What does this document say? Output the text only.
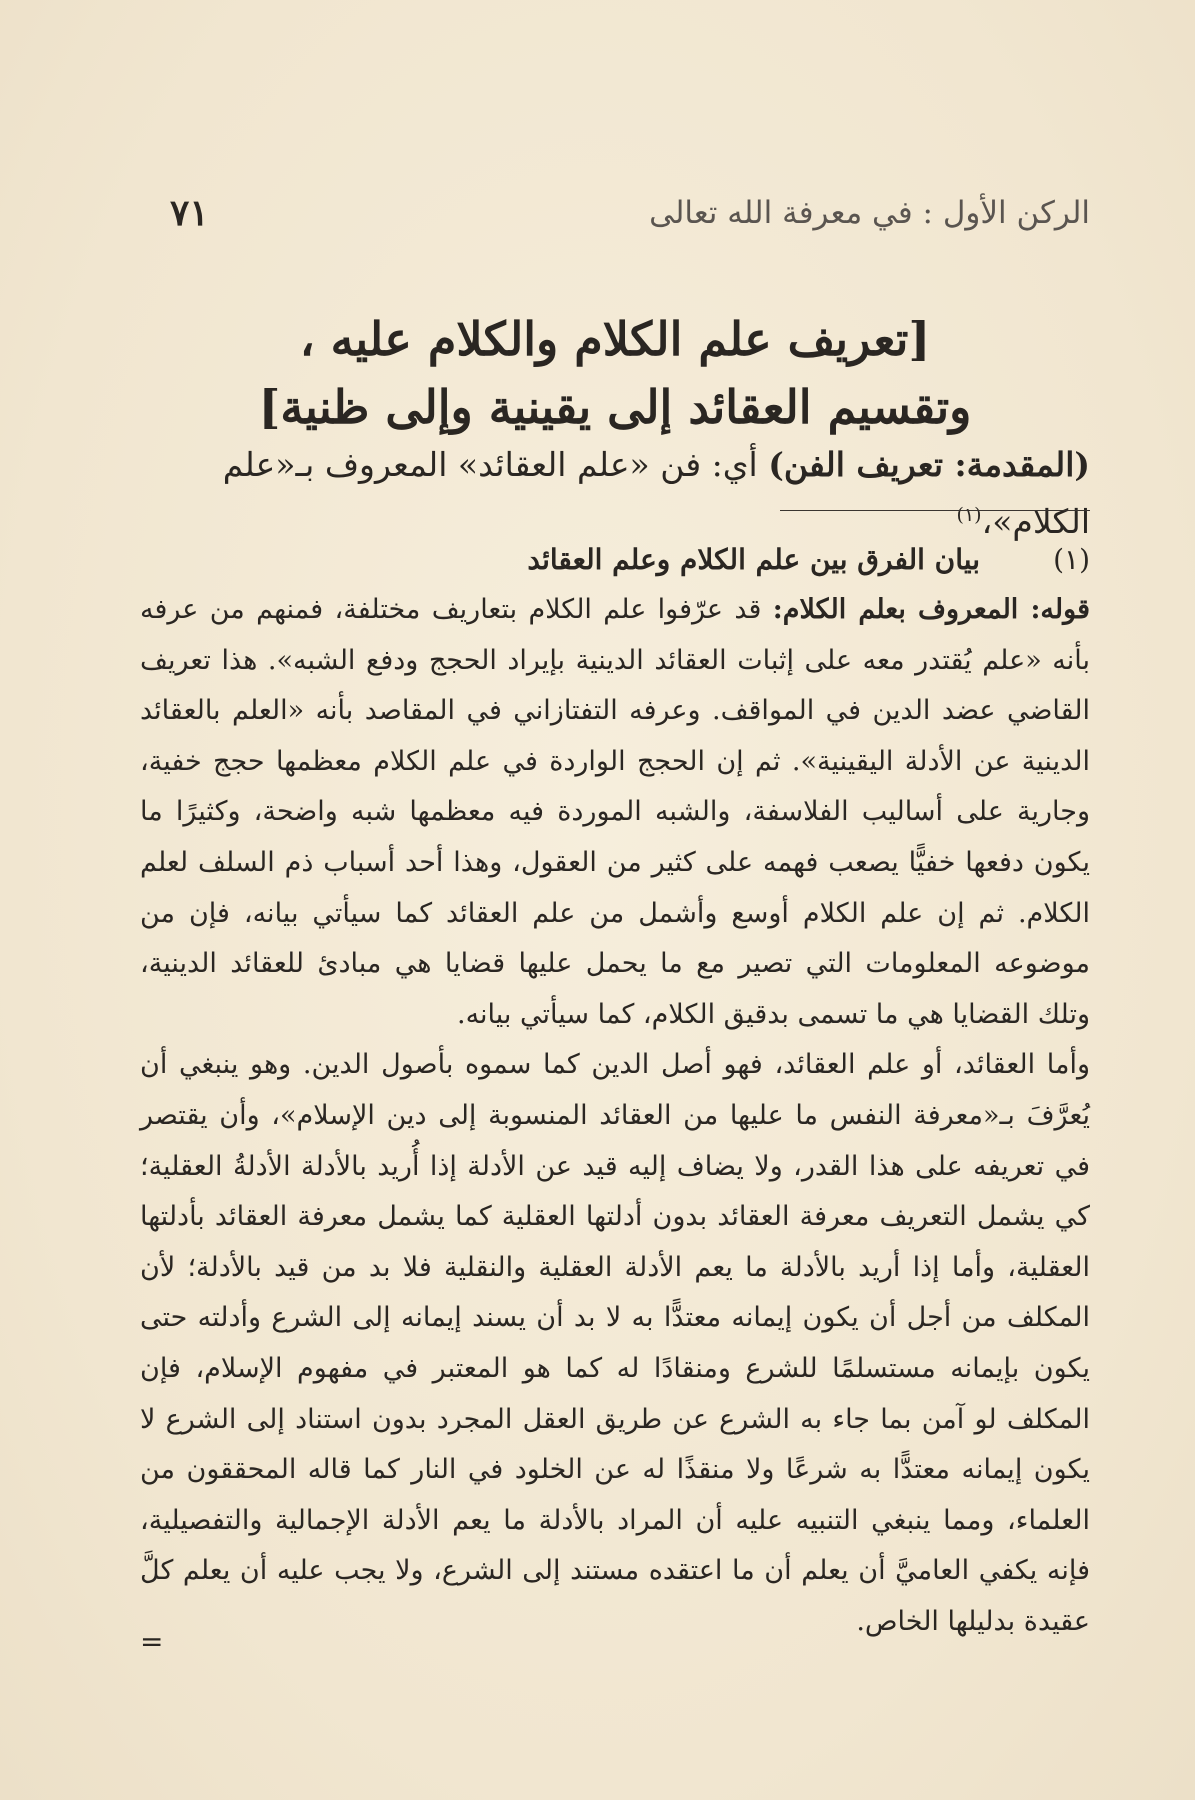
الركن الأول : في معرفة الله تعالى
٧١
[تعريف علم الكلام والكلام عليه ،
وتقسيم العقائد إلى يقينية وإلى ظنية]
(المقدمة: تعريف الفن) أي: فن «علم العقائد» المعروف بـ«علم الكلام»،$^{(١)}$
(١)
بيان الفرق بين علم الكلام وعلم العقائد

قوله: المعروف بعلم الكلام: قد عرّفوا علم الكلام بتعاريف مختلفة، فمنهم من عرفه بأنه «علم يُقتدر معه على إثبات العقائد الدينية بإيراد الحجج ودفع الشبه». هذا تعريف القاضي عضد الدين في المواقف. وعرفه التفتازاني في المقاصد بأنه «العلم بالعقائد الدينية عن الأدلة اليقينية». ثم إن الحجج الواردة في علم الكلام معظمها حجج خفية، وجارية على أساليب الفلاسفة، والشبه الموردة فيه معظمها شبه واضحة، وكثيرًا ما يكون دفعها خفيًّا يصعب فهمه على كثير من العقول، وهذا أحد أسباب ذم السلف لعلم الكلام. ثم إن علم الكلام أوسع وأشمل من علم العقائد كما سيأتي بيانه، فإن من موضوعه المعلومات التي تصير مع ما يحمل عليها قضايا هي مبادئ للعقائد الدينية، وتلك القضايا هي ما تسمى بدقيق الكلام، كما سيأتي بيانه.

وأما العقائد، أو علم العقائد، فهو أصل الدين كما سموه بأصول الدين. وهو ينبغي أن يُعرَّفَ بـ«معرفة النفس ما عليها من العقائد المنسوبة إلى دين الإسلام»، وأن يقتصر في تعريفه على هذا القدر، ولا يضاف إليه قيد عن الأدلة إذا أُريد بالأدلة الأدلةُ العقلية؛ كي يشمل التعريف معرفة العقائد بدون أدلتها العقلية كما يشمل معرفة العقائد بأدلتها العقلية، وأما إذا أريد بالأدلة ما يعم الأدلة العقلية والنقلية فلا بد من قيد بالأدلة؛ لأن المكلف من أجل أن يكون إيمانه معتدًّا به لا بد أن يسند إيمانه إلى الشرع وأدلته حتى يكون بإيمانه مستسلمًا للشرع ومنقادًا له كما هو المعتبر في مفهوم الإسلام، فإن المكلف لو آمن بما جاء به الشرع عن طريق العقل المجرد بدون استناد إلى الشرع لا يكون إيمانه معتدًّا به شرعًا ولا منقذًا له عن الخلود في النار كما قاله المحققون من العلماء، ومما ينبغي التنبيه عليه أن المراد بالأدلة ما يعم الأدلة الإجمالية والتفصيلية، فإنه يكفي العاميَّ أن يعلم أن ما اعتقده مستند إلى الشرع، ولا يجب عليه أن يعلم كلَّ عقيدة بدليلها الخاص.

=
